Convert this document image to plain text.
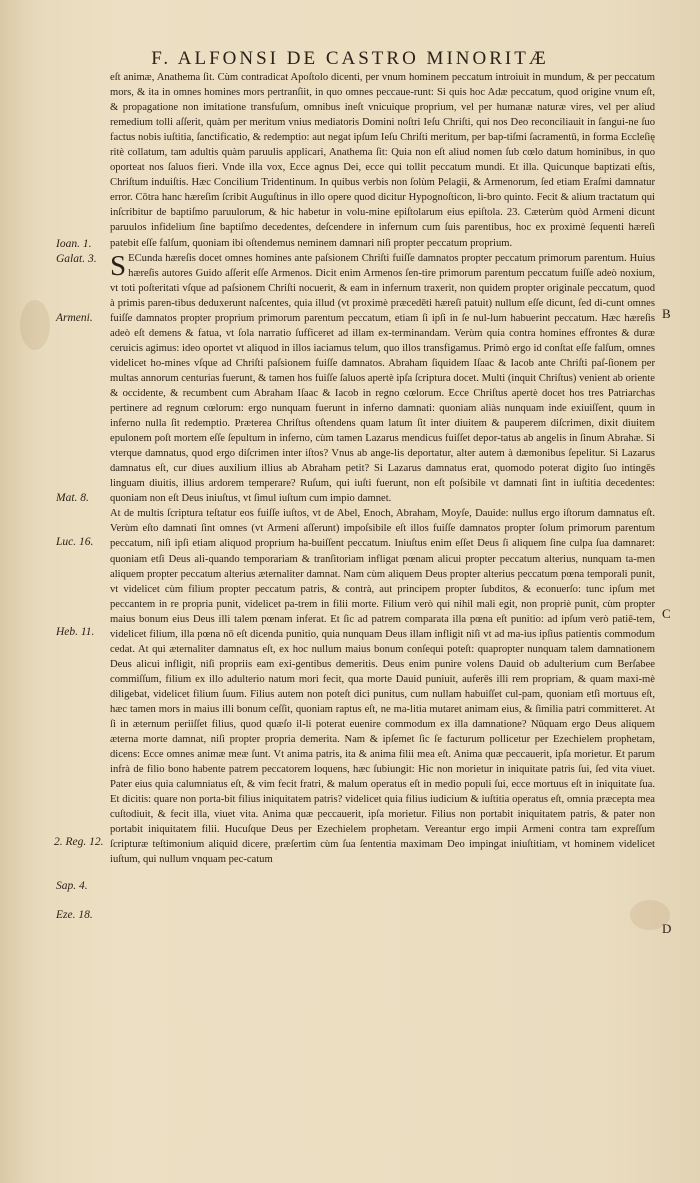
F. ALFONSI DE CASTRO MINORITÆ
Ioan. 1.
Galat. 3.
Armeni.
Mat. 8.
Luc. 16.
Heb. 11.
2. Reg. 12.
Sap. 4.
Eze. 18.
B
C
D

eſt animæ, Anathema ſit. Cùm contradicat Apoſtolo dicenti, per vnum hominem peccatum introiuit in mundum, & per peccatum mors, & ita in omnes homines mors pertranſiit, in quo omnes peccaue-runt: Si quis hoc Adæ peccatum, quod origine vnum eſt, & propagatione non imitatione transfuſum, omnibus ineſt vnicuique proprium, vel per humanæ naturæ vires, vel per aliud remedium tolli aſſerit, quàm per meritum vnius mediatoris Domini noſtri Ieſu Chriſti, qui nos Deo reconciliauit in ſangui-ne ſuo factus nobis iuſtitia, ſanctificatio, & redemptio: aut negat ipſum Ieſu Chriſti meritum, per bap-tiſmi ſacramentū, in forma Eccleſię ritè collatum, tam adultis quàm paruulis applicari, Anathema ſit: Quia non eſt aliud nomen ſub cœlo datum hominibus, in quo oporteat nos ſaluos fieri. Vnde illa vox, Ecce agnus Dei, ecce qui tollit peccatum mundi. Et illa. Quicunque baptizati eſtis, Chriſtum induiſtis. Hæc Concilium Tridentinum. In quibus verbis non ſolùm Pelagii, & Armenorum, ſed etiam Eraſmi damnatur error. Cōtra hanc hæreſim ſcribit Auguſtinus in illo opere quod dicitur Hypognoſticon, li-bro quinto. Fecit & alium tractatum qui inſcribitur de baptiſmo paruulorum, & hic habetur in volu-mine epiſtolarum eius epiſtola. 23. Cæterùm quòd Armeni dicunt paruulos infidelium ſine baptiſmo decedentes, deſcendere in infernum cum ſuis parentibus, hoc ex proximè ſequenti hæreſi patebit eſſe falſum, quoniam ibi oſtendemus neminem damnari niſi propter peccatum proprium.

S ECunda hæreſis docet omnes homines ante paſsionem Chriſti fuiſſe damnatos propter peccatum primorum parentum. Huius hæreſis autores Guido aſſerit eſſe Armenos. Dicit enim Armenos ſen-tire primorum parentum peccatum fuiſſe adeò noxium, vt toti poſteritati vſque ad paſsionem Chriſti nocuerit, & eam in infernum traxerit, non quidem propter originale peccatum, quod à primis paren-tibus deduxerunt naſcentes, quia illud (vt proximè præcedēti hæreſi patuit) nullum eſſe dicunt, ſed di-cunt omnes fuiſſe damnatos propter proprium primorum parentum peccatum, etiam ſi ipſi in ſe nul-lum habuerint peccatum. Hæc hæreſis adeò eſt demens & fatua, vt ſola narratio ſufficeret ad illam ex-terminandam. Verùm quia contra homines effrontes & duræ ceruicis agimus: ideo oportet vt aliquod in illos iaciamus telum, quo illos transfigamus. Primò ergo id conſtat eſſe falſum, omnes videlicet ho-mines vſque ad Chriſti paſsionem fuiſſe damnatos. Abraham ſiquidem Iſaac & Iacob ante Chriſti paſ-ſionem per multas annorum centurias fuerunt, & tamen hos fuiſſe ſaluos apertè ipſa ſcriptura docet. Multi (inquit Chriſtus) venient ab oriente & occidente, & recumbent cum Abraham Iſaac & Iacob in regno cœlorum. Ecce Chriſtus apertè docet hos tres Patriarchas pertinere ad regnum cœlorum: ergo nunquam fuerunt in inferno damnati: quoniam aliàs nunquam inde exiuiſſent, quum in inferno nulla ſit redemptio. Præterea Chriſtus oſtendens quam latum ſit inter diuitem & pauperem diſcrimen, dixit diuitem epulonem poſt mortem eſſe ſepultum in inferno, cùm tamen Lazarus mendicus fuiſſet depor-tatus ab angelis in ſinum Abrahæ. Si vterque damnatus, quod ergo diſcrimen inter iſtos? Vnus ab ange-lis deportatur, alter autem à dæmonibus ſepelitur. Si Lazarus damnatus eſt, cur diues auxilium illius ab Abraham petit? Si Lazarus damnatus erat, quomodo poterat digito ſuo intingēs linguam diuitis, illius ardorem temperare? Ruſum, qui iuſti fuerunt, non eſt poſsibile vt damnati ſint in iuſtitia decedentes: quoniam non eſt Deus iniuſtus, vt ſimul iuſtum cum impio damnet.

At de multis ſcriptura teſtatur eos fuiſſe iuſtos, vt de Abel, Enoch, Abraham, Moyſe, Dauide: nullus ergo iſtorum damnatus eſt. Verùm eſto damnati ſint omnes (vt Armeni aſſerunt) impoſsibile eſt illos fuiſſe damnatos propter ſolum primorum parentum peccatum, niſi ipſi etiam aliquod proprium ha-buiſſent peccatum. Iniuſtus enim eſſet Deus ſi aliquem ſine culpa ſua damnaret: quoniam etſi Deus ali-quando temporariam & tranſitoriam infligat pœnam alicui propter peccatum alterius, nunquam ta-men aliquem propter peccatum alterius æternaliter damnat. Nam cùm aliquem Deus propter alterius peccatum pœna temporali punit, vt videlicet cùm filium propter peccatum patris, & contrà, aut principem propter ſubditos, & econuerſo: tunc ipſum met peccantem in re propria punit, videlicet pa-trem in filii morte. Filium verò qui nihil mali egit, non propriè punit, cùm propter maius bonum eius Deus illi talem pœnam inferat. Et ſic ad patrem comparata illa pœna eſt punitio: ad ipſum verò patiē-tem, videlicet filium, illa pœna nō eſt dicenda punitio, quia nunquam Deus illam infligit niſi vt ad ma-ius ipſius patientis commodum cedat. At qui æternaliter damnatus eſt, ex hoc nullum maius bonum conſequi poteſt: quapropter nunquam talem damnationem Deus alicui infligit, niſi propriis eam exi-gentibus demeritis. Deus enim punire volens Dauid ob adulterium cum Berſabee commiſſum, filium ex illo adulterio natum mori fecit, qua morte Dauid puniuit, auferēs illi rem propriam, & quam maxi-mè diligebat, videlicet filium ſuum. Filius autem non poteſt dici punitus, cum nullam habuiſſet cul-pam, quoniam etſi mortuus eſt, hæc tamen mors in maius illi bonum ceſſit, quoniam raptus eſt, ne ma-litia mutaret animam eius, & ſimilia patri committeret. At ſi in æternum periiſſet filius, quod quæſo il-li poterat euenire commodum ex illa damnatione? Nūquam ergo Deus aliquem æterna morte damnat, niſi propter propria demerita. Nam & ipſemet ſic ſe facturum pollicetur per Ezechielem prophetam, dicens: Ecce omnes animæ meæ ſunt. Vt anima patris, ita & anima filii mea eſt. Anima quæ peccauerit, ipſa morietur. Et parum infrà de filio bono habente patrem peccatorem loquens, hæc ſubiungit: Hic non morietur in iniquitate patris ſui, ſed vita viuet. Pater eius quia calumniatus eſt, & vim fecit fratri, & malum operatus eſt in medio populi ſui, ecce mortuus eſt in iniquitate ſua. Et dicitis: quare non porta-bit filius iniquitatem patris? videlicet quia filius iudicium & iuſtitia operatus eſt, omnia præcepta mea cuſtodiuit, & fecit illa, viuet vita. Anima quæ peccauerit, ipſa morietur. Filius non portabit iniquitatem patris, & pater non portabit iniquitatem filii. Hucuſque Deus per Ezechielem prophetam. Vereantur ergo impii Armeni contra tam expreſſum ſcripturæ teſtimonium aliquid dicere, præſertim cùm ſua ſententia maximam Deo impingat iniuſtitiam, vt hominem videlicet iuſtum, qui nullum vnquam pec-catum
